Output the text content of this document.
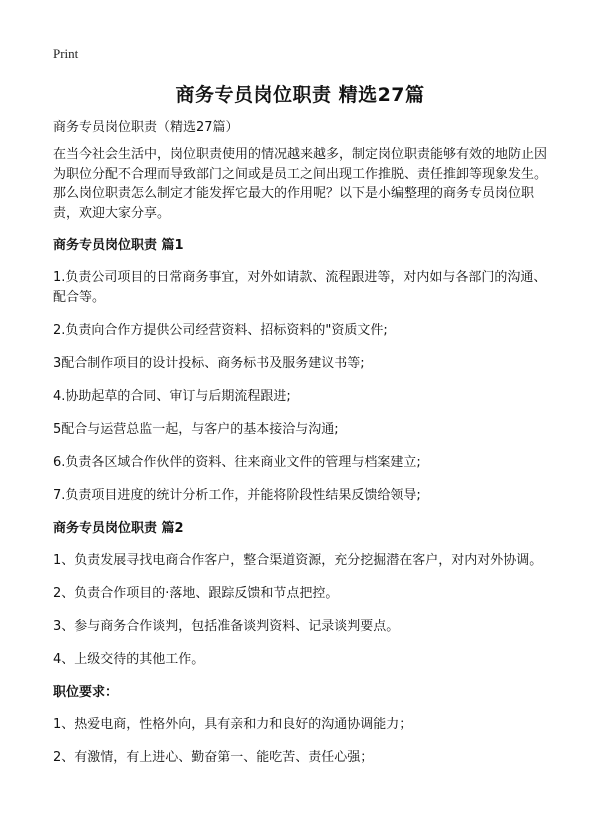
Print
商务专员岗位职责 精选27篇
商务专员岗位职责（精选27篇）
在当今社会生活中，岗位职责使用的情况越来越多，制定岗位职责能够有效的地防止因为职位分配不合理而导致部门之间或是员工之间出现工作推脱、责任推卸等现象发生。那么岗位职责怎么制定才能发挥它最大的作用呢？以下是小编整理的商务专员岗位职责，欢迎大家分享。
商务专员岗位职责 篇1
1.负责公司项目的日常商务事宜，对外如请款、流程跟进等，对内如与各部门的沟通、配合等。
2.负责向合作方提供公司经营资料、招标资料的"资质文件;
3配合制作项目的设计投标、商务标书及服务建议书等;
4.协助起草的合同、审订与后期流程跟进;
5配合与运营总监一起，与客户的基本接洽与沟通;
6.负责各区域合作伙伴的资料、往来商业文件的管理与档案建立;
7.负责项目进度的统计分析工作，并能将阶段性结果反馈给领导;
商务专员岗位职责 篇2
1、负责发展寻找电商合作客户，整合渠道资源，充分挖掘潜在客户，对内对外协调。
2、负责合作项目的·落地、跟踪反馈和节点把控。
3、参与商务合作谈判，包括准备谈判资料、记录谈判要点。
4、上级交待的其他工作。
职位要求：
1、热爱电商，性格外向，具有亲和力和良好的沟通协调能力；
2、有激情，有上进心、勤奋第一、能吃苦、责任心强；
